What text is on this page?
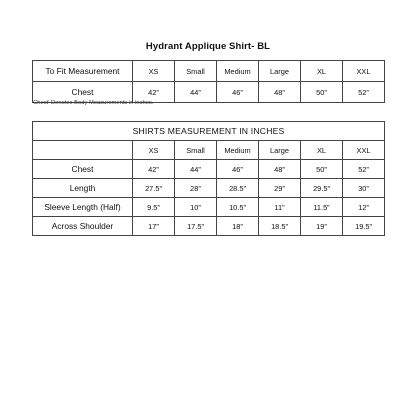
Hydrant Applique Shirt- BL
To Fit Measurement	XS	Small	Medium	Large	XL	XXL
Chest	42”	44”	46”	48”	50”	52”
'Chest' Denotes Body Measurements in inches.
SHIRTS MEASUREMENT IN INCHES						
	XS	Small	Medium	Large	XL	XXL
Chest	42”	44”	46”	48”	50”	52”
Length	27.5”	28”	28.5”	29”	29.5”	30”
Sleeve Length (Half)	9.5”	10”	10.5”	11”	11.5”	12”
Across Shoulder	17”	17.5”	18”	18.5”	19”	19.5”
